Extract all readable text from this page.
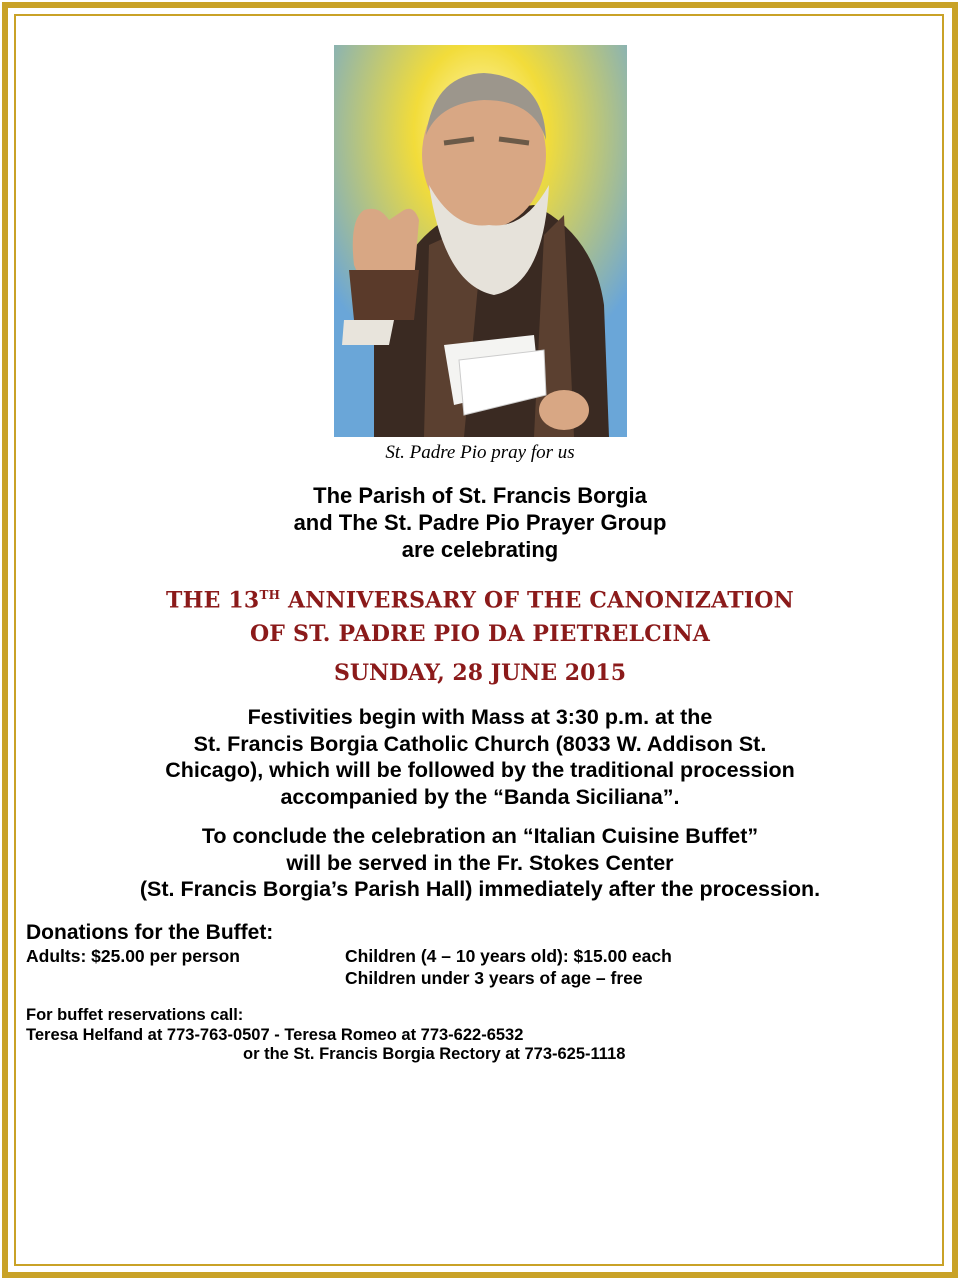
St. Padre Pio pray for us
The Parish of St. Francis Borgia
and The St. Padre Pio Prayer Group
are celebrating
THE 13TH ANNIVERSARY OF THE CANONIZATION
OF ST. PADRE PIO DA PIETRELCINA
SUNDAY, 28 JUNE 2015
Festivities begin with Mass at 3:30 p.m. at the
St. Francis Borgia Catholic Church (8033 W. Addison St.
Chicago), which will be followed by the traditional procession
accompanied by the “Banda Siciliana”.
To conclude the celebration an “Italian Cuisine Buffet”
will be served in the Fr. Stokes Center
(St. Francis Borgia’s Parish Hall) immediately after the procession.
Donations for the Buffet:
Adults: $25.00 per person	Children (4 – 10 years old): $15.00 each
Children under 3 years of age – free
For buffet reservations call:
Teresa Helfand at 773-763-0507 - Teresa Romeo at 773-622-6532
or the St. Francis Borgia Rectory at 773-625-1118
